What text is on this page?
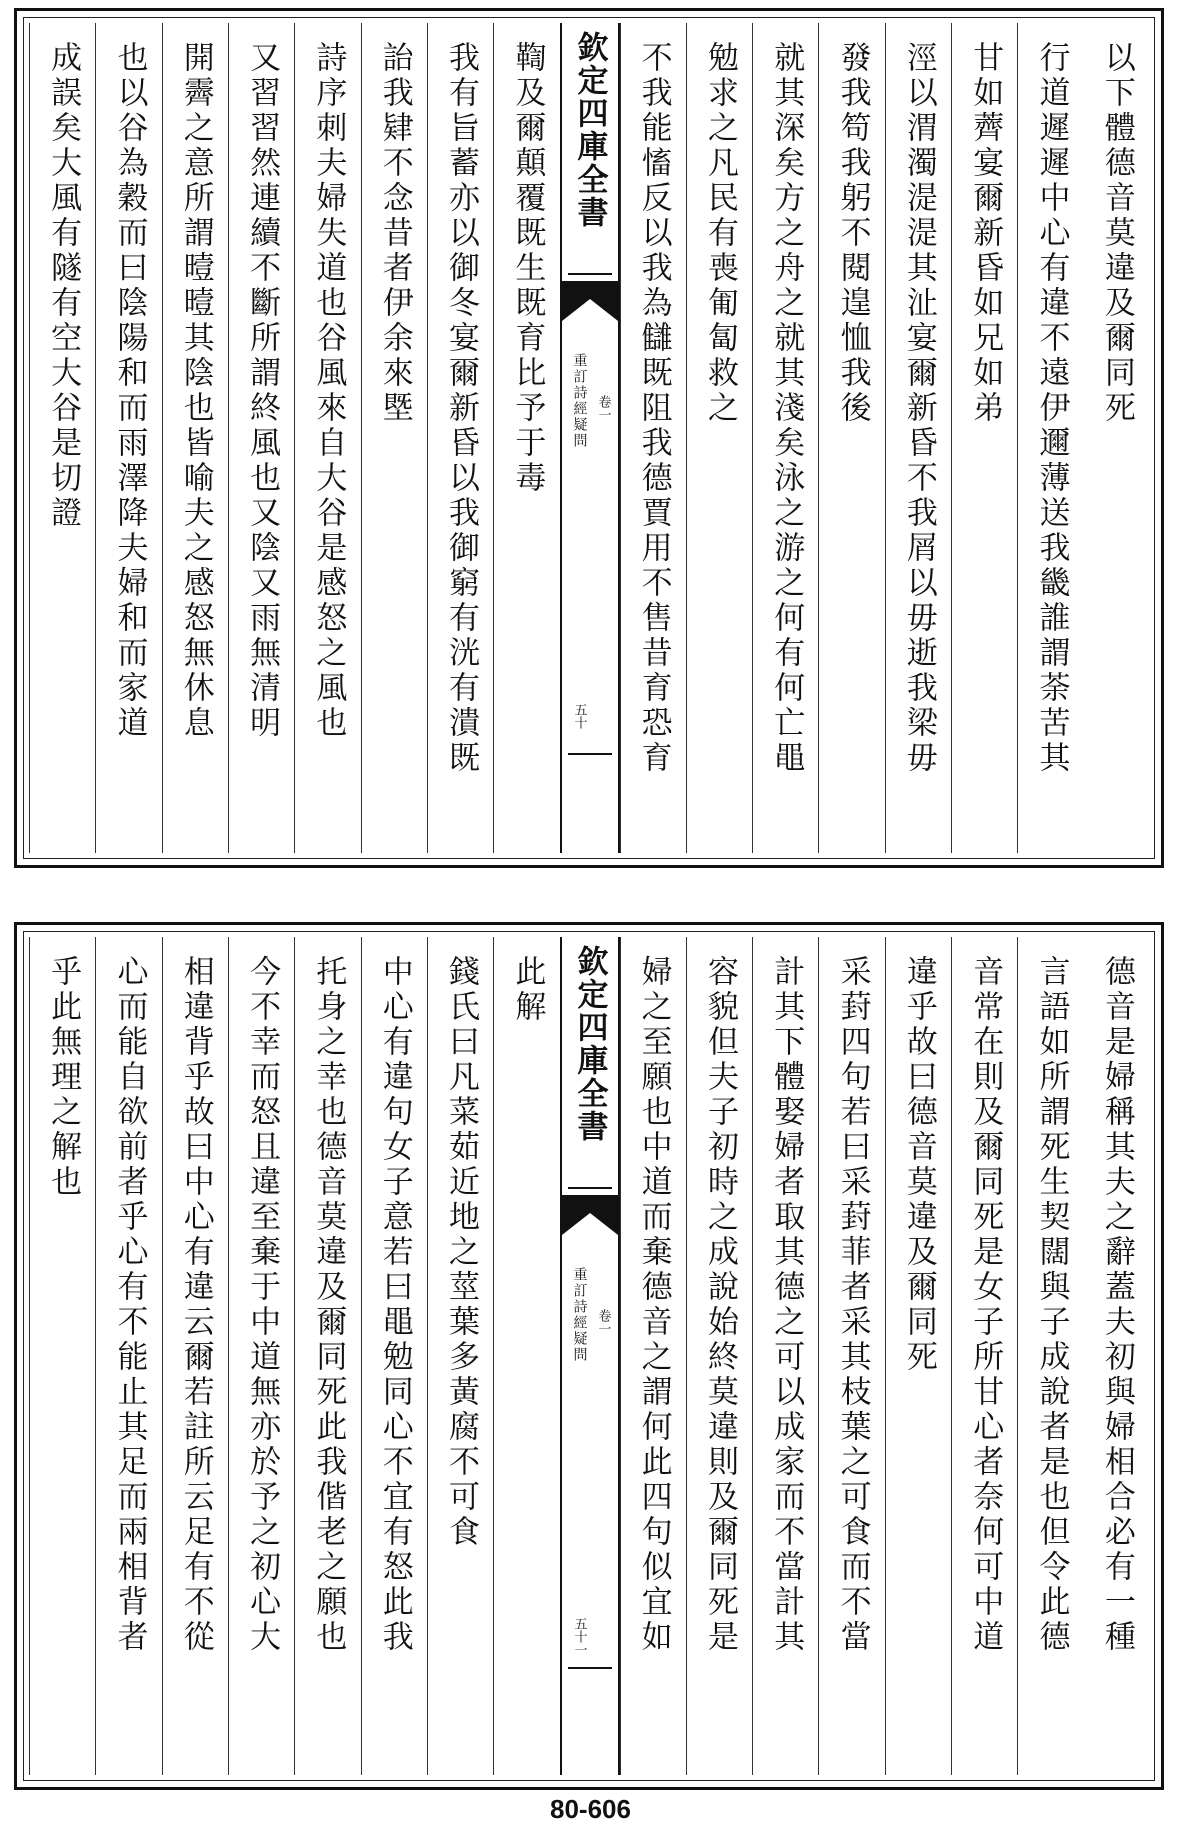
以下體德音莫違及爾同死
行道遲遲中心有違不遠伊邇薄送我畿誰謂荼苦其
甘如薺宴爾新昏如兄如弟
涇以渭濁湜湜其沚宴爾新昏不我屑以毋逝我梁毋
發我笱我躬不閱遑恤我後
就其深矣方之舟之就其淺矣泳之游之何有何亡黽
勉求之凡民有喪匍匐救之
不我能慉反以我為讎既阻我德賈用不售昔育恐育
欽定四庫全書
重訂詩經疑問 卷一
五十
鞫及爾顛覆既生既育比予于毒
我有旨蓄亦以御冬宴爾新昏以我御窮有洸有潰既
詒我肄不念昔者伊余來塈
詩序刺夫婦失道也谷風來自大谷是感怒之風也
又習習然連續不斷所謂終風也又陰又雨無清明
開霽之意所謂曀曀其陰也皆喻夫之感怒無休息
也以谷為穀而曰陰陽和而雨澤降夫婦和而家道
成誤矣大風有隧有空大谷是切證
德音是婦稱其夫之辭蓋夫初與婦相合必有一種
言語如所謂死生契闊與子成說者是也但令此德
音常在則及爾同死是女子所甘心者奈何可中道
違乎故曰德音莫違及爾同死
采葑四句若曰采葑菲者采其枝葉之可食而不當
計其下體娶婦者取其德之可以成家而不當計其
容貌但夫子初時之成說始終莫違則及爾同死是
婦之至願也中道而棄德音之謂何此四句似宜如
欽定四庫全書
重訂詩經疑問 卷一
五十一
此解
錢氏曰凡菜茹近地之莖葉多黃腐不可食
中心有違句女子意若曰黽勉同心不宜有怒此我
托身之幸也德音莫違及爾同死此我偕老之願也
今不幸而怒且違至棄于中道無亦於予之初心大
相違背乎故曰中心有違云爾若註所云足有不從
心而能自欲前者乎心有不能止其足而兩相背者
乎此無理之解也
80-606
